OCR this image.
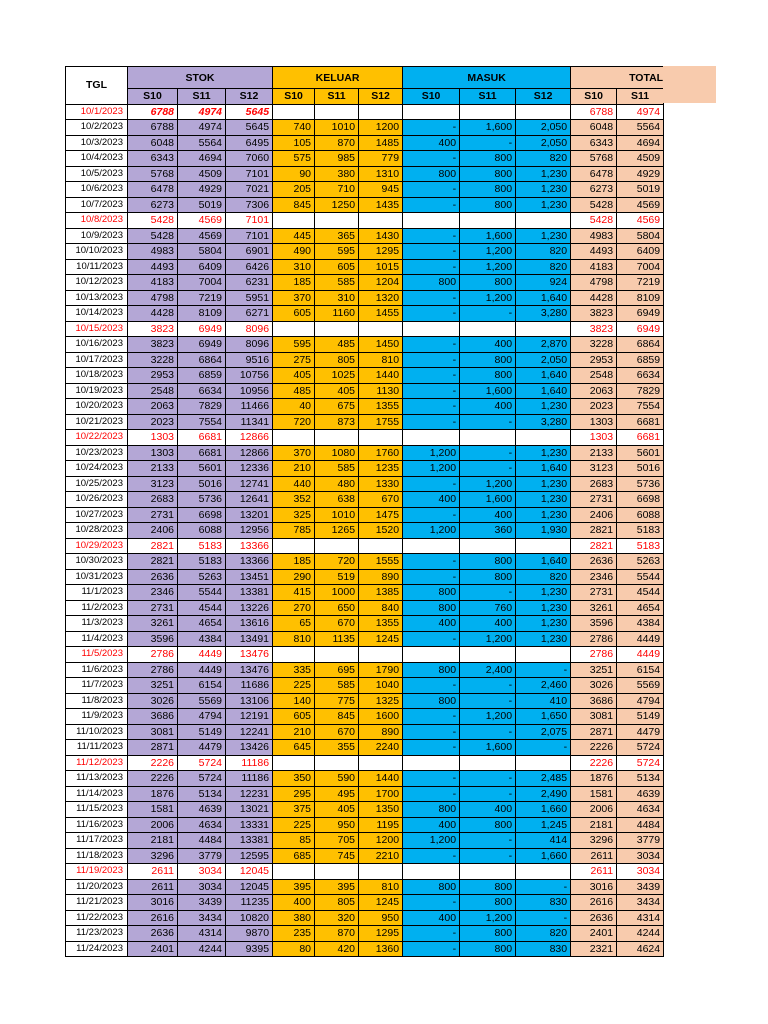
TGL	STOK			KELUAR			MASUK			TOTAL	
	S10	S11	S12	S10	S11	S12	S10	S11	S12	S10	S11
10/1/2023	6788	4974	5645							6788	4974
10/2/2023	6788	4974	5645	740	1010	1200	-	1,600	2,050	6048	5564
10/3/2023	6048	5564	6495	105	870	1485	400	-	2,050	6343	4694
10/4/2023	6343	4694	7060	575	985	779	-	800	820	5768	4509
10/5/2023	5768	4509	7101	90	380	1310	800	800	1,230	6478	4929
10/6/2023	6478	4929	7021	205	710	945	-	800	1,230	6273	5019
10/7/2023	6273	5019	7306	845	1250	1435	-	800	1,230	5428	4569
10/8/2023	5428	4569	7101							5428	4569
10/9/2023	5428	4569	7101	445	365	1430	-	1,600	1,230	4983	5804
10/10/2023	4983	5804	6901	490	595	1295	-	1,200	820	4493	6409
10/11/2023	4493	6409	6426	310	605	1015	-	1,200	820	4183	7004
10/12/2023	4183	7004	6231	185	585	1204	800	800	924	4798	7219
10/13/2023	4798	7219	5951	370	310	1320	-	1,200	1,640	4428	8109
10/14/2023	4428	8109	6271	605	1160	1455	-	-	3,280	3823	6949
10/15/2023	3823	6949	8096							3823	6949
10/16/2023	3823	6949	8096	595	485	1450	-	400	2,870	3228	6864
10/17/2023	3228	6864	9516	275	805	810	-	800	2,050	2953	6859
10/18/2023	2953	6859	10756	405	1025	1440	-	800	1,640	2548	6634
10/19/2023	2548	6634	10956	485	405	1130	-	1,600	1,640	2063	7829
10/20/2023	2063	7829	11466	40	675	1355	-	400	1,230	2023	7554
10/21/2023	2023	7554	11341	720	873	1755	-	-	3,280	1303	6681
10/22/2023	1303	6681	12866							1303	6681
10/23/2023	1303	6681	12866	370	1080	1760	1,200	-	1,230	2133	5601
10/24/2023	2133	5601	12336	210	585	1235	1,200	-	1,640	3123	5016
10/25/2023	3123	5016	12741	440	480	1330	-	1,200	1,230	2683	5736
10/26/2023	2683	5736	12641	352	638	670	400	1,600	1,230	2731	6698
10/27/2023	2731	6698	13201	325	1010	1475	-	400	1,230	2406	6088
10/28/2023	2406	6088	12956	785	1265	1520	1,200	360	1,930	2821	5183
10/29/2023	2821	5183	13366							2821	5183
10/30/2023	2821	5183	13366	185	720	1555	-	800	1,640	2636	5263
10/31/2023	2636	5263	13451	290	519	890	-	800	820	2346	5544
11/1/2023	2346	5544	13381	415	1000	1385	800	-	1,230	2731	4544
11/2/2023	2731	4544	13226	270	650	840	800	760	1,230	3261	4654
11/3/2023	3261	4654	13616	65	670	1355	400	400	1,230	3596	4384
11/4/2023	3596	4384	13491	810	1135	1245	-	1,200	1,230	2786	4449
11/5/2023	2786	4449	13476							2786	4449
11/6/2023	2786	4449	13476	335	695	1790	800	2,400	-	3251	6154
11/7/2023	3251	6154	11686	225	585	1040	-	-	2,460	3026	5569
11/8/2023	3026	5569	13106	140	775	1325	800	-	410	3686	4794
11/9/2023	3686	4794	12191	605	845	1600	-	1,200	1,650	3081	5149
11/10/2023	3081	5149	12241	210	670	890	-	-	2,075	2871	4479
11/11/2023	2871	4479	13426	645	355	2240	-	1,600	-	2226	5724
11/12/2023	2226	5724	11186							2226	5724
11/13/2023	2226	5724	11186	350	590	1440	-	-	2,485	1876	5134
11/14/2023	1876	5134	12231	295	495	1700	-	-	2,490	1581	4639
11/15/2023	1581	4639	13021	375	405	1350	800	400	1,660	2006	4634
11/16/2023	2006	4634	13331	225	950	1195	400	800	1,245	2181	4484
11/17/2023	2181	4484	13381	85	705	1200	1,200	-	414	3296	3779
11/18/2023	3296	3779	12595	685	745	2210	-	-	1,660	2611	3034
11/19/2023	2611	3034	12045							2611	3034
11/20/2023	2611	3034	12045	395	395	810	800	800	-	3016	3439
11/21/2023	3016	3439	11235	400	805	1245	-	800	830	2616	3434
11/22/2023	2616	3434	10820	380	320	950	400	1,200	-	2636	4314
11/23/2023	2636	4314	9870	235	870	1295	-	800	820	2401	4244
11/24/2023	2401	4244	9395	80	420	1360	-	800	830	2321	4624
